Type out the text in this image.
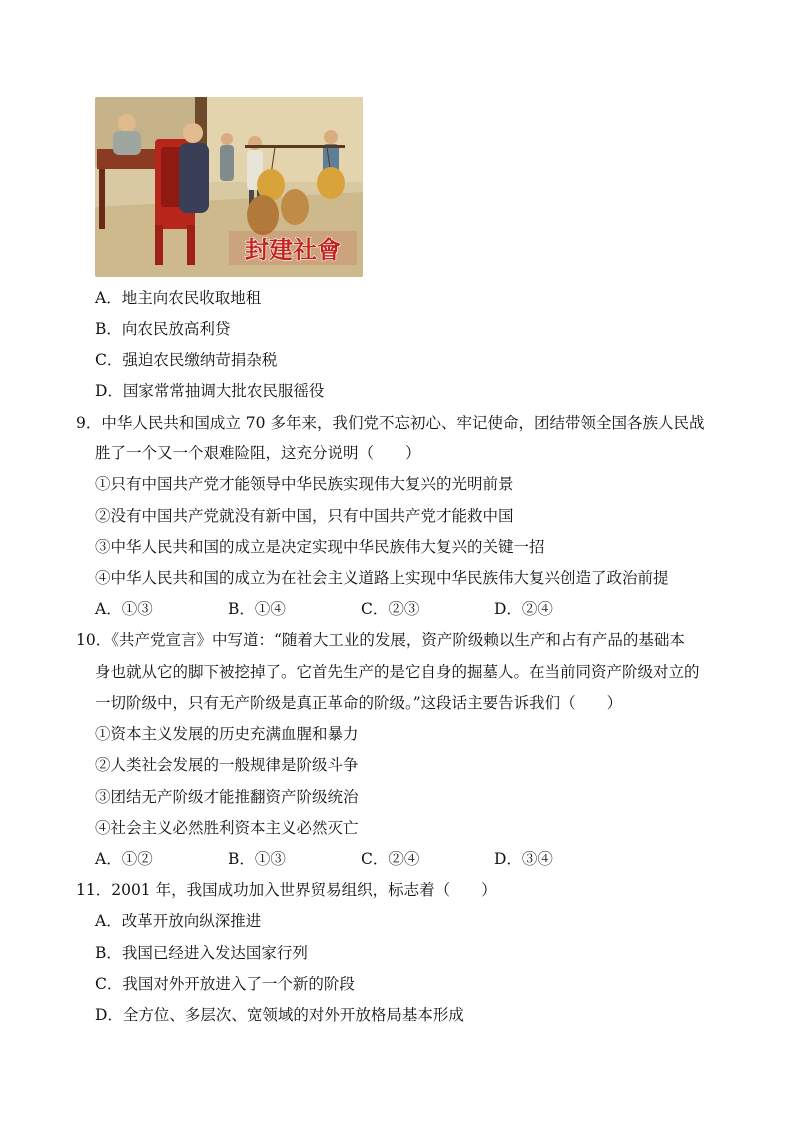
封建社會
A．地主向农民收取地租
B．向农民放高利贷
C．强迫农民缴纳苛捐杂税
D．国家常常抽调大批农民服徭役
9．中华人民共和国成立 70 多年来，我们党不忘初心、牢记使命，团结带领全国各族人民战
胜了一个又一个艰难险阻，这充分说明（　　）
①只有中国共产党才能领导中华民族实现伟大复兴的光明前景
②没有中国共产党就没有新中国，只有中国共产党才能救中国
③中华人民共和国的成立是决定实现中华民族伟大复兴的关键一招
④中华人民共和国的成立为在社会主义道路上实现中华民族伟大复兴创造了政治前提
A．①③	B．①④	C．②③	D．②④
10．《共产党宣言》中写道：“随着大工业的发展，资产阶级赖以生产和占有产品的基础本
身也就从它的脚下被挖掉了。它首先生产的是它自身的掘墓人。在当前同资产阶级对立的
一切阶级中，只有无产阶级是真正革命的阶级。”这段话主要告诉我们（　　）
①资本主义发展的历史充满血腥和暴力
②人类社会发展的一般规律是阶级斗争
③团结无产阶级才能推翻资产阶级统治
④社会主义必然胜利资本主义必然灭亡
A．①②	B．①③	C．②④	D．③④
11．2001 年，我国成功加入世界贸易组织，标志着（　　）
A．改革开放向纵深推进
B．我国已经进入发达国家行列
C．我国对外开放进入了一个新的阶段
D．全方位、多层次、宽领域的对外开放格局基本形成
